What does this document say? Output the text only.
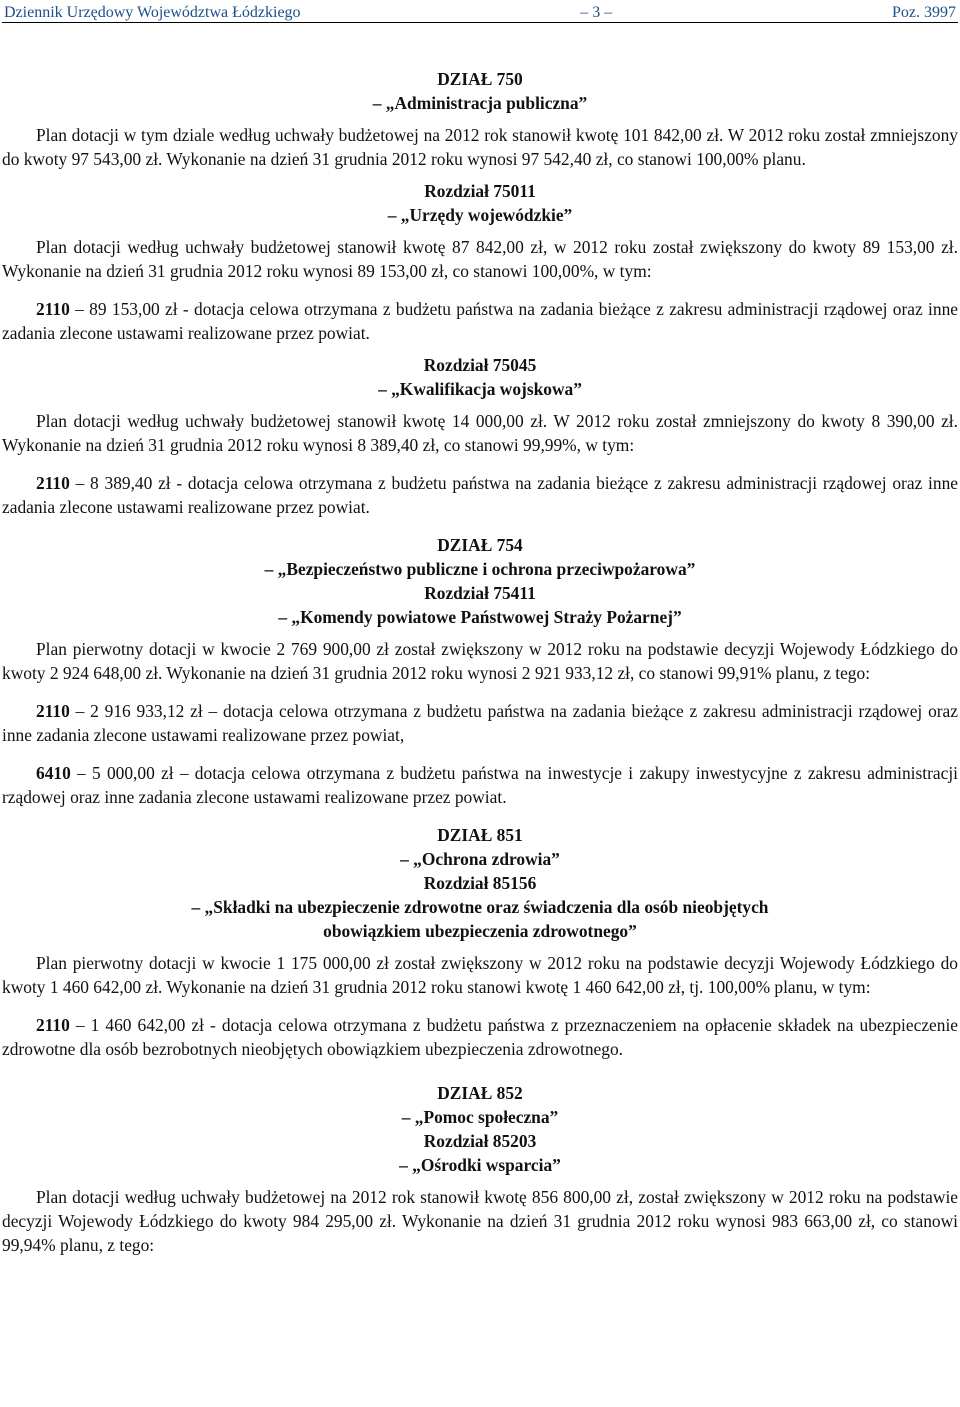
Dziennik Urzędowy Województwa Łódzkiego	– 3 –	Poz. 3997

DZIAŁ 750

– „Administracja publiczna”

Plan dotacji w tym dziale według uchwały budżetowej na 2012 rok stanowił kwotę 101 842,00 zł. W 2012 roku został zmniejszony do kwoty 97 543,00 zł. Wykonanie na dzień 31 grudnia 2012 roku wynosi 97 542,40 zł, co stanowi 100,00% planu.

Rozdział 75011

– „Urzędy wojewódzkie”

Plan dotacji według uchwały budżetowej stanowił kwotę 87 842,00 zł, w 2012 roku został zwiększony do kwoty 89 153,00 zł. Wykonanie na dzień 31 grudnia 2012 roku wynosi 89 153,00 zł, co stanowi 100,00%, w tym:

2110 – 89 153,00 zł - dotacja celowa otrzymana z budżetu państwa na zadania bieżące z zakresu administracji rządowej oraz inne zadania zlecone ustawami realizowane przez powiat.

Rozdział 75045

– „Kwalifikacja wojskowa”

Plan dotacji według uchwały budżetowej stanowił kwotę 14 000,00 zł. W 2012 roku został zmniejszony do kwoty 8 390,00 zł. Wykonanie na dzień 31 grudnia 2012 roku wynosi 8 389,40 zł, co stanowi 99,99%, w tym:

2110 – 8 389,40 zł - dotacja celowa otrzymana z budżetu państwa na zadania bieżące z zakresu administracji rządowej oraz inne zadania zlecone ustawami realizowane przez powiat.

DZIAŁ 754

– „Bezpieczeństwo publiczne i ochrona przeciwpożarowa”

Rozdział 75411

– „Komendy powiatowe Państwowej Straży Pożarnej”

Plan pierwotny dotacji w kwocie 2 769 900,00 zł został zwiększony w 2012 roku na podstawie decyzji Wojewody Łódzkiego do kwoty 2 924 648,00 zł. Wykonanie na dzień 31 grudnia 2012 roku wynosi 2 921 933,12 zł, co stanowi 99,91% planu, z tego:

2110 – 2 916 933,12 zł – dotacja celowa otrzymana z budżetu państwa na zadania bieżące z zakresu administracji rządowej oraz inne zadania zlecone ustawami realizowane przez powiat,

6410 – 5 000,00 zł – dotacja celowa otrzymana z budżetu państwa na inwestycje i zakupy inwestycyjne z zakresu administracji rządowej oraz inne zadania zlecone ustawami realizowane przez powiat.

DZIAŁ 851

– „Ochrona zdrowia”

Rozdział 85156

– „Składki na ubezpieczenie zdrowotne oraz świadczenia dla osób nieobjętych

obowiązkiem ubezpieczenia zdrowotnego”

Plan pierwotny dotacji w kwocie 1 175 000,00 zł został zwiększony w 2012 roku na podstawie decyzji Wojewody Łódzkiego do kwoty 1 460 642,00 zł. Wykonanie na dzień 31 grudnia 2012 roku stanowi kwotę 1 460 642,00 zł, tj. 100,00% planu, w tym:

2110 – 1 460 642,00 zł - dotacja celowa otrzymana z budżetu państwa z przeznaczeniem na opłacenie składek na ubezpieczenie zdrowotne dla osób bezrobotnych nieobjętych obowiązkiem ubezpieczenia zdrowotnego.

DZIAŁ 852

– „Pomoc społeczna”

Rozdział 85203

– „Ośrodki wsparcia”

Plan dotacji według uchwały budżetowej na 2012 rok stanowił kwotę 856 800,00 zł, został zwiększony w 2012 roku na podstawie decyzji Wojewody Łódzkiego do kwoty 984 295,00 zł. Wykonanie na dzień 31 grudnia 2012 roku wynosi 983 663,00 zł, co stanowi 99,94% planu, z tego:
